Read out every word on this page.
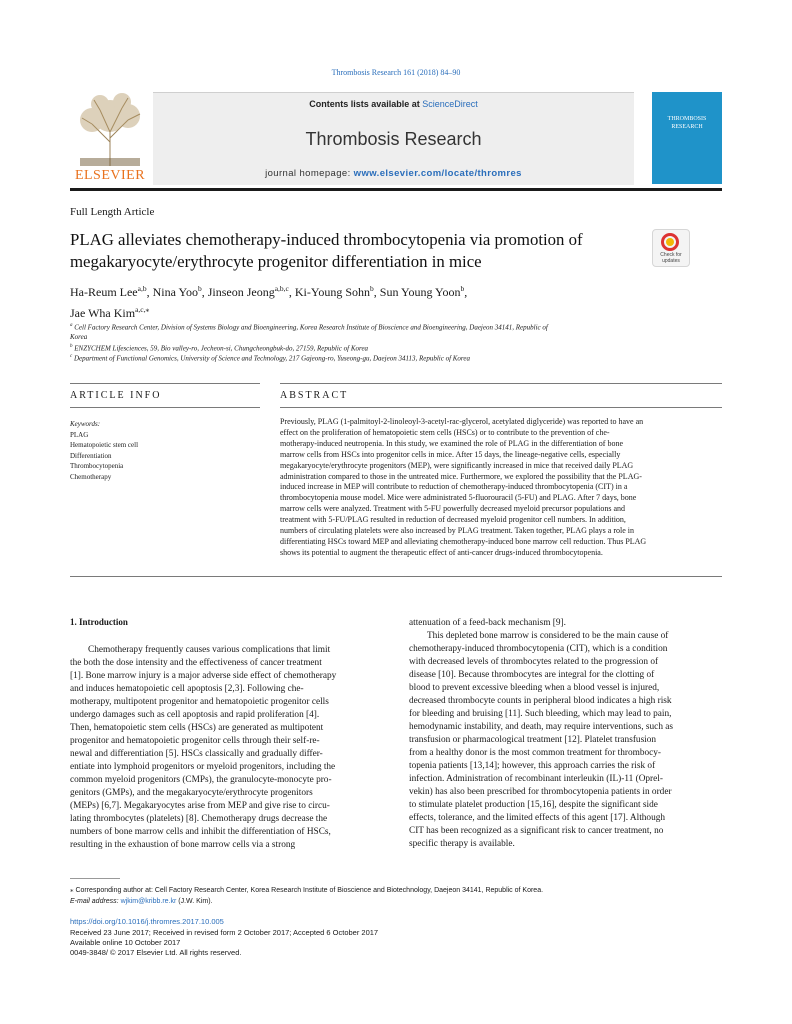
Thrombosis Research 161 (2018) 84–90
ELSEVIER
Contents lists available at ScienceDirect
Thrombosis Research
journal homepage: www.elsevier.com/locate/thromres
THROMBOSIS
RESEARCH
Full Length Article
PLAG alleviates chemotherapy-induced thrombocytopenia via promotion of
megakaryocyte/erythrocyte progenitor differentiation in mice	Check for
updates
Ha-Reum Lee$^{a,b}$, Nina Yoo$^b$, Jinseon Jeong$^{a,b,c}$, Ki-Young Sohn$^b$, Sun Young Yoon$^b$,
Jae Wha Kim$^{a,c,⁎}$
$^a$ Cell Factory Research Center, Division of Systems Biology and Bioengineering, Korea Research Institute of Bioscience and Bioengineering, Daejeon 34141, Republic of
Korea
$^b$ ENZYCHEM Lifesciences, 59, Bio valley-ro, Jecheon-si, Chungcheongbuk-do, 27159, Republic of Korea
$^c$ Department of Functional Genomics, University of Science and Technology, 217 Gajeong-ro, Yuseong-gu, Daejeon 34113, Republic of Korea
ARTICLE INFO	ABSTRACT
Keywords:
PLAG
Hematopoietic stem cell
Differentiation
Thrombocytopenia
Chemotherapy
Previously, PLAG (1-palmitoyl-2-linoleoyl-3-acetyl-rac-glycerol, acetylated diglyceride) was reported to have an
effect on the proliferation of hematopoietic stem cells (HSCs) or to contribute to the prevention of che-
motherapy-induced neutropenia. In this study, we examined the role of PLAG in the differentiation of bone
marrow cells from HSCs into progenitor cells in mice. After 15 days, the lineage-negative cells, especially
megakaryocyte/erythrocyte progenitors (MEP), were significantly increased in mice that received daily PLAG
administration compared to those in the untreated mice. Furthermore, we explored the possibility that the PLAG-
induced increase in MEP will contribute to reduction of chemotherapy-induced thrombocytopenia (CIT) in a
thrombocytopenia mouse model. Mice were administrated 5-fluorouracil (5-FU) and PLAG. After 7 days, bone
marrow cells were analyzed. Treatment with 5-FU powerfully decreased myeloid precursor populations and
treatment with 5-FU/PLAG resulted in reduction of decreased myeloid progenitor cell numbers. In addition,
numbers of circulating platelets were also increased by PLAG treatment. Taken together, PLAG plays a role in
differentiating HSCs toward MEP and alleviating chemotherapy-induced bone marrow cell reduction. Thus PLAG
shows its potential to augment the therapeutic effect of anti-cancer drugs-induced thrombocytopenia.
1. Introduction
Chemotherapy frequently causes various complications that limit
the both the dose intensity and the effectiveness of cancer treatment
[1]. Bone marrow injury is a major adverse side effect of chemotherapy
and induces hematopoietic cell apoptosis [2,3]. Following che-
motherapy, multipotent progenitor and hematopoietic progenitor cells
undergo damages such as cell apoptosis and rapid proliferation [4].
Then, hematopoietic stem cells (HSCs) are generated as multipotent
progenitor and hematopoietic progenitor cells through their self-re-
newal and differentiation [5]. HSCs classically and gradually differ-
entiate into lymphoid progenitors or myeloid progenitors, including the
common myeloid progenitors (CMPs), the granulocyte-monocyte pro-
genitors (GMPs), and the megakaryocyte/erythrocyte progenitors
(MEPs) [6,7]. Megakaryocytes arise from MEP and give rise to circu-
lating thrombocytes (platelets) [8]. Chemotherapy drugs decrease the
numbers of bone marrow cells and inhibit the differentiation of HSCs,
resulting in the exhaustion of bone marrow cells via a strong
attenuation of a feed-back mechanism [9].
This depleted bone marrow is considered to be the main cause of
chemotherapy-induced thrombocytopenia (CIT), which is a condition
with decreased levels of thrombocytes related to the progression of
disease [10]. Because thrombocytes are integral for the clotting of
blood to prevent excessive bleeding when a blood vessel is injured,
decreased thrombocyte counts in peripheral blood indicates a high risk
for bleeding and bruising [11]. Such bleeding, which may lead to pain,
hemodynamic instability, and death, may require interventions, such as
transfusion or pharmacological treatment [12]. Platelet transfusion
from a healthy donor is the most common treatment for thrombocy-
topenia patients [13,14]; however, this approach carries the risk of
infection. Administration of recombinant interleukin (IL)-11 (Oprel-
vekin) has also been prescribed for thrombocytopenia patients in order
to stimulate platelet production [15,16], despite the significant side
effects, tolerance, and the limited effects of this agent [17]. Although
CIT has been recognized as a significant risk to cancer treatment, no
specific therapy is available.
⁎ Corresponding author at: Cell Factory Research Center, Korea Research Institute of Bioscience and Biotechnology, Daejeon 34141, Republic of Korea.
E-mail address: wjkim@kribb.re.kr (J.W. Kim).
https://doi.org/10.1016/j.thromres.2017.10.005
Received 23 June 2017; Received in revised form 2 October 2017; Accepted 6 October 2017
Available online 10 October 2017
0049-3848/ © 2017 Elsevier Ltd. All rights reserved.
